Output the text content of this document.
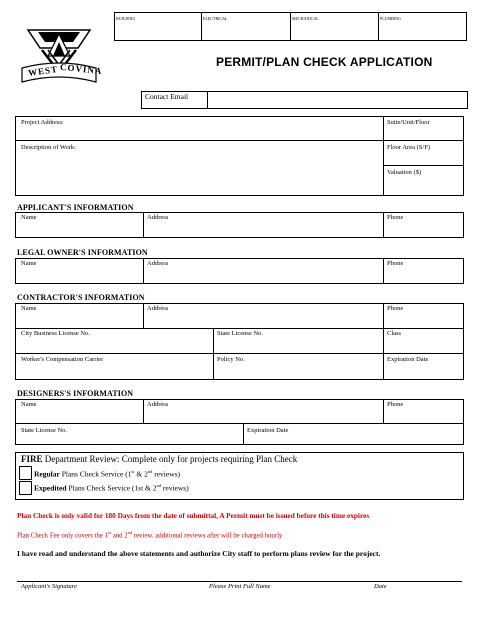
BUILDING	ELECTRICAL	MECHANICAL	PLUMBING
WEST COVINA	PERMIT/PLAN CHECK APPLICATION
Contact Email
Project Address:	Suite/Unit/Floor
Description of Work:	Floor Area (S/F)
Valuation ($)
APPLICANT'S INFORMATION
Name	Address	Phone
LEGAL OWNER'S INFORMATION
Name	Address	Phone
CONTRACTOR'S INFORMATION
Name	Address	Phone
City Business License No.	State License No.	Class
Worker's Compensation Carrier	Policy No.	Expiration Date
DESIGNERS'S INFORMATION
Name	Address	Phone
State License No.	Expiration Date
FIRE Department Review: Complete only for projects requiring Plan Check
Regular Plans Check Service (1st & 2nd reviews)
Expedited Plans Check Service (1st & 2nd reviews)
Plan Check is only valid for 180 Days from the date of submittal, A Permit must be issued before this time expires
Plan Check Fee only covers the 1st and 2nd review. additional reviews after will be charged hourly
I have read and understand the above statements and authorize City staff to perform plans review for the project.
Applicant's Signature	Please Print Full Name	Date
